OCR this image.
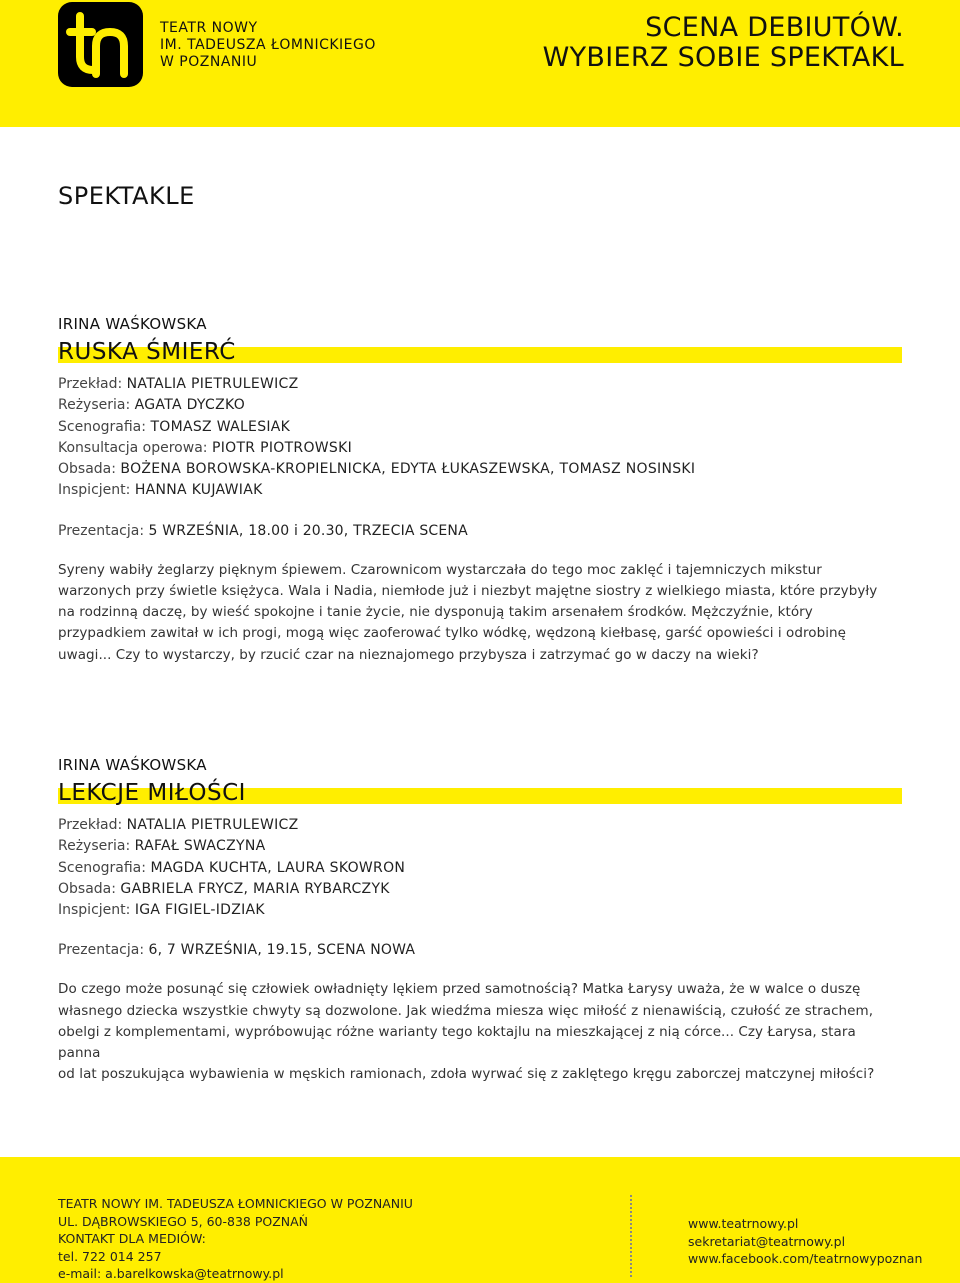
TEATR NOWY
IM. TADEUSZA ŁOMNICKIEGO
W POZNANIU
SCENA DEBIUTÓW.
WYBIERZ SOBIE SPEKTAKL
SPEKTAKLE
IRINA WAŚKOWSKA
RUSKA ŚMIERĆ
Przekład: NATALIA PIETRULEWICZ
Reżyseria: AGATA DYCZKO
Scenografia: TOMASZ WALESIAK
Konsultacja operowa: PIOTR PIOTROWSKI
Obsada: BOŻENA BOROWSKA-KROPIELNICKA, EDYTA ŁUKASZEWSKA, TOMASZ NOSINSKI
Inspicjent: HANNA KUJAWIAK
Prezentacja: 5 WRZEŚNIA, 18.00 i 20.30, TRZECIA SCENA
Syreny wabiły żeglarzy pięknym śpiewem. Czarownicom wystarczała do tego moc zaklęć i tajemniczych mikstur
warzonych przy świetle księżyca. Wala i Nadia, niemłode już i niezbyt majętne siostry z wielkiego miasta, które przybyły
na rodzinną daczę, by wieść spokojne i tanie życie, nie dysponują takim arsenałem środków. Mężczyźnie, który
przypadkiem zawitał w ich progi, mogą więc zaoferować tylko wódkę, wędzoną kiełbasę, garść opowieści i odrobinę
uwagi... Czy to wystarczy, by rzucić czar na nieznajomego przybysza i zatrzymać go w daczy na wieki?
IRINA WAŚKOWSKA
LEKCJE MIŁOŚCI
Przekład: NATALIA PIETRULEWICZ
Reżyseria: RAFAŁ SWACZYNA
Scenografia: MAGDA KUCHTA, LAURA SKOWRON
Obsada: GABRIELA FRYCZ, MARIA RYBARCZYK
Inspicjent: IGA FIGIEL-IDZIAK
Prezentacja: 6, 7 WRZEŚNIA, 19.15, SCENA NOWA
Do czego może posunąć się człowiek owładnięty lękiem przed samotnością? Matka Łarysy uważa, że w walce o duszę
własnego dziecka wszystkie chwyty są dozwolone. Jak wiedźma miesza więc miłość z nienawiścią, czułość ze strachem,
obelgi z komplementami, wypróbowując różne warianty tego koktajlu na mieszkającej z nią córce... Czy Łarysa, stara panna
od lat poszukująca wybawienia w męskich ramionach, zdoła wyrwać się z zaklętego kręgu zaborczej matczynej miłości?
TEATR NOWY IM. TADEUSZA ŁOMNICKIEGO W POZNANIU
UL. DĄBROWSKIEGO 5, 60-838 POZNAŃ
KONTAKT DLA MEDIÓW:
tel. 722 014 257
e-mail: a.barelkowska@teatrnowy.pl
www.teatrnowy.pl
sekretariat@teatrnowy.pl
www.facebook.com/teatrnowypoznan
